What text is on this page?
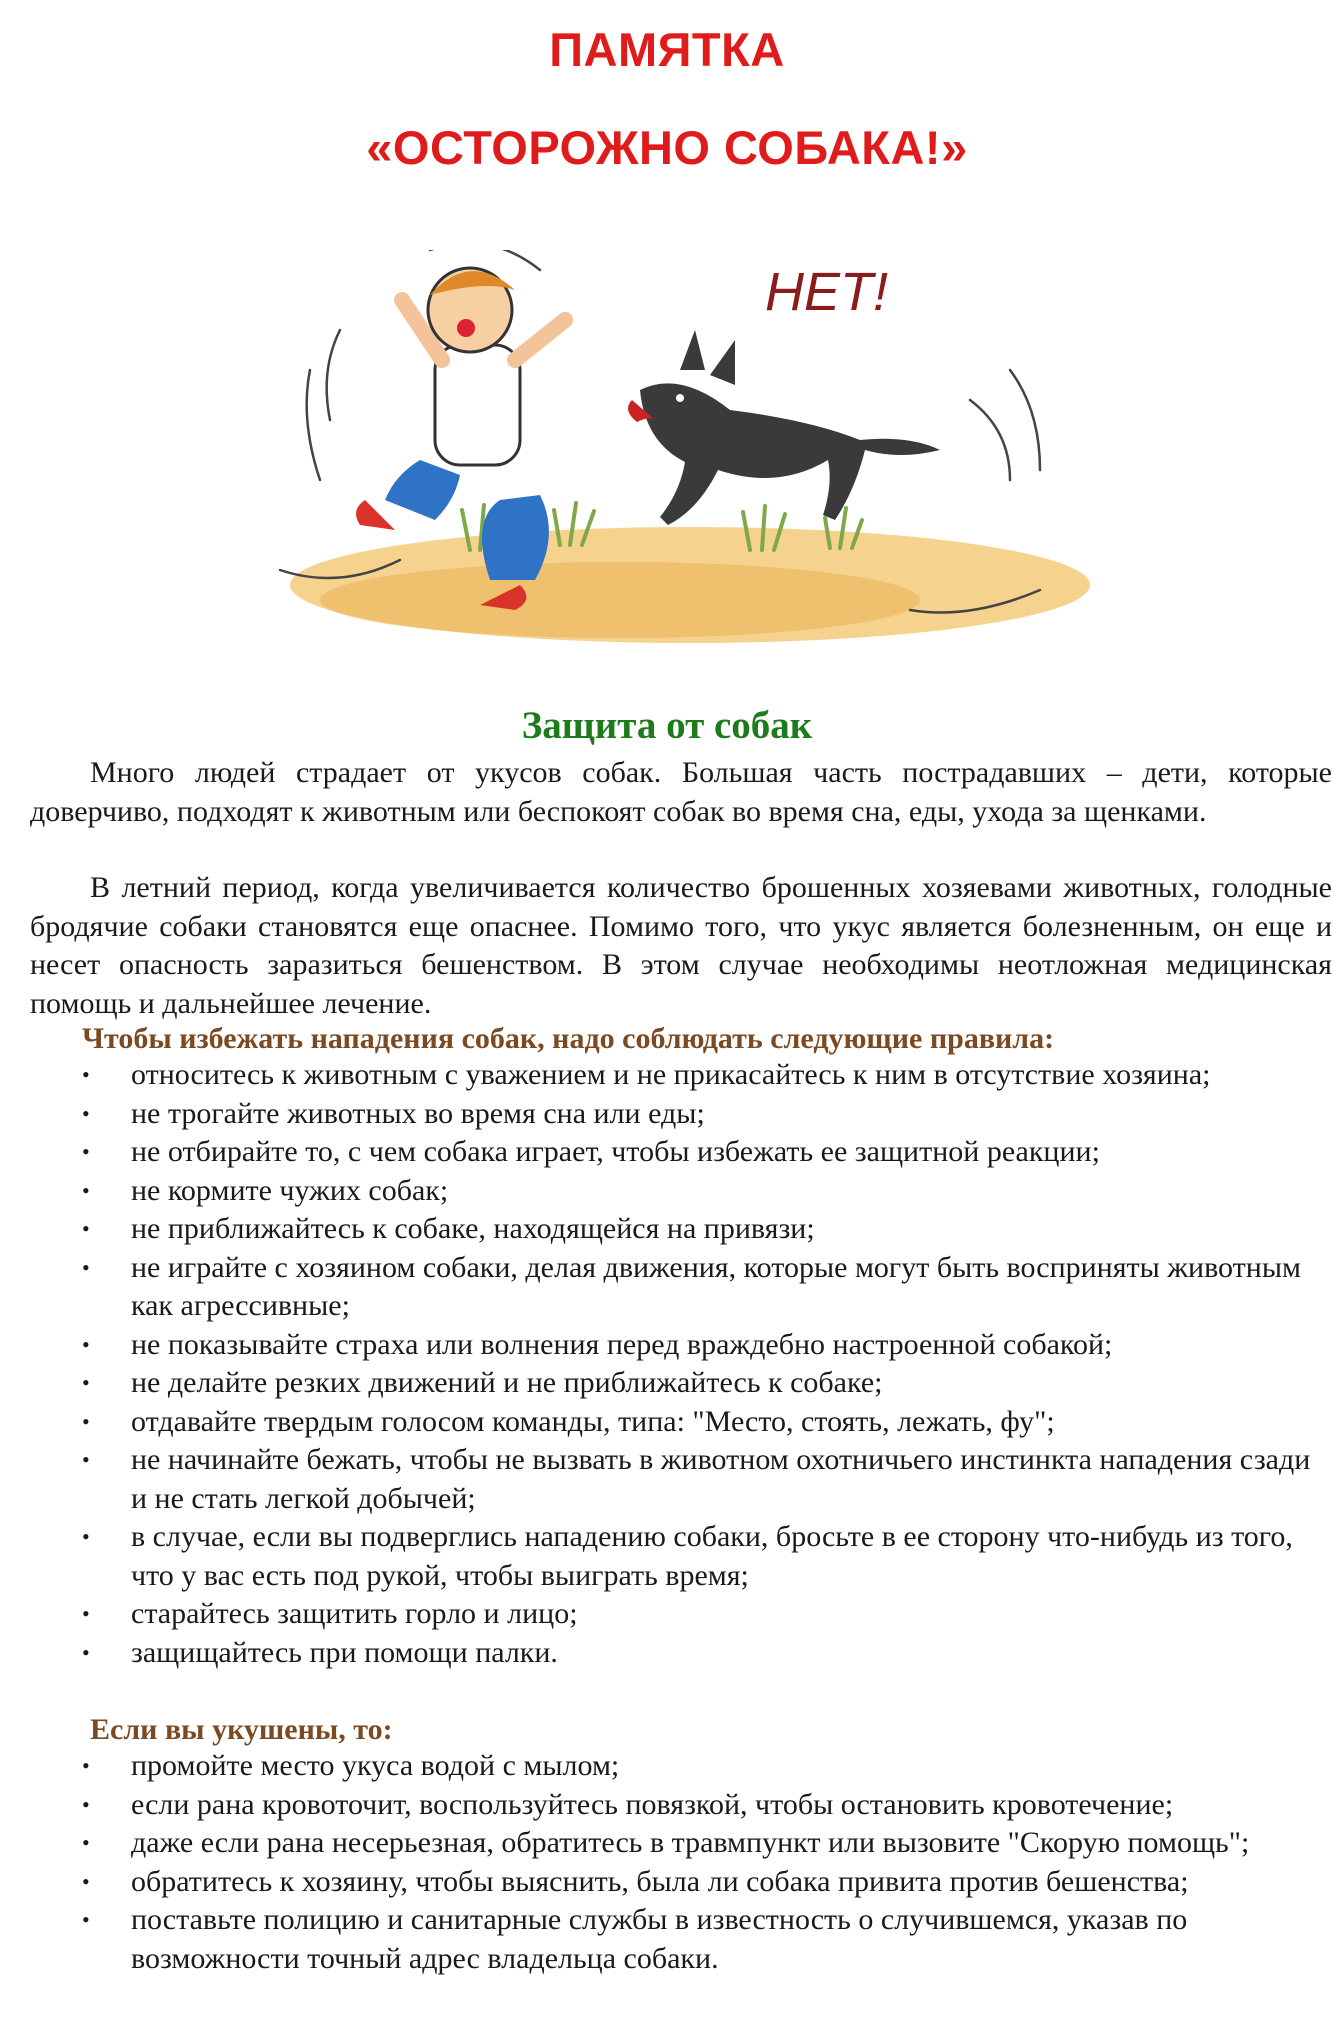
ПАМЯТКА
«ОСТОРОЖНО СОБАКА!»
НЕТ!
Защита от собак

Много людей страдает от укусов собак. Большая часть пострадавших – дети, которые доверчиво, подходят к животным или беспокоят собак во время сна, еды, ухода за щенками.

В летний период, когда увеличивается количество брошенных хозяевами животных, голодные бродячие собаки становятся еще опаснее. Помимо того, что укус является болезненным, он еще и несет опасность заразиться бешенством. В этом случае необходимы неотложная медицинская помощь и дальнейшее лечение.

Чтобы избежать нападения собак, надо соблюдать следующие правила:

• относитесь к животным с уважением и не прикасайтесь к ним в отсутствие хозяина;
• не трогайте животных во время сна или еды;
• не отбирайте то, с чем собака играет, чтобы избежать ее защитной реакции;
• не кормите чужих собак;
• не приближайтесь к собаке, находящейся на привязи;
• не играйте с хозяином собаки, делая движения, которые могут быть восприняты животным как агрессивные;
• не показывайте страха или волнения перед враждебно настроенной собакой;
• не делайте резких движений и не приближайтесь к собаке;
• отдавайте твердым голосом команды, типа: "Место, стоять, лежать, фу";
• не начинайте бежать, чтобы не вызвать в животном охотничьего инстинкта нападения сзади и не стать легкой добычей;
• в случае, если вы подверглись нападению собаки, бросьте в ее сторону что-нибудь из того, что у вас есть под рукой, чтобы выиграть время;
• старайтесь защитить горло и лицо;
• защищайтесь при помощи палки.

Если вы укушены, то:

• промойте место укуса водой с мылом;
• если рана кровоточит, воспользуйтесь повязкой, чтобы остановить кровотечение;
• даже если рана несерьезная, обратитесь в травмпункт или вызовите "Скорую помощь";
• обратитесь к хозяину, чтобы выяснить, была ли собака привита против бешенства;
• поставьте полицию и санитарные службы в известность о случившемся, указав по возможности точный адрес владельца собаки.
